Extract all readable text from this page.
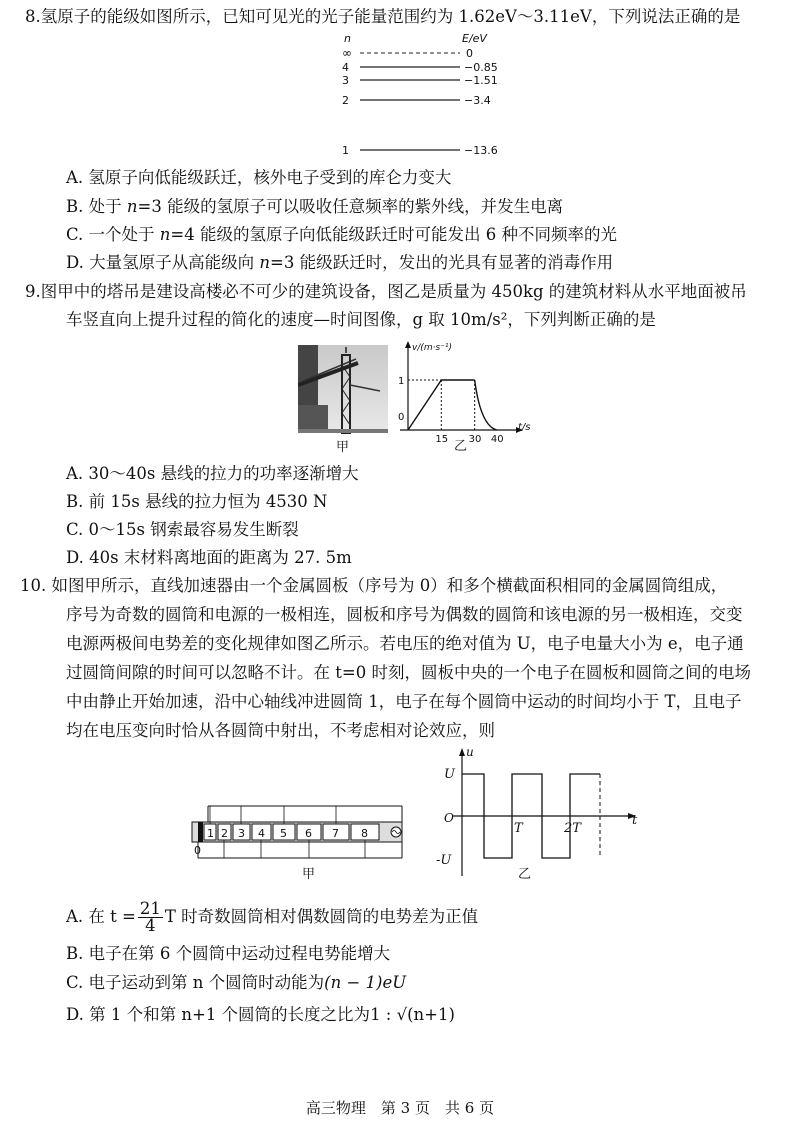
8.氢原子的能级如图所示，已知可见光的光子能量范围约为 1.62eV～3.11eV，下列说法正确的是
n	E/eV
∞	0
4	−0.85
3	−1.51
2	−3.4
1	−13.6
A. 氢原子向低能级跃迁，核外电子受到的库仑力变大
B. 处于 n=3 能级的氢原子可以吸收任意频率的紫外线，并发生电离
C. 一个处于 n=4 能级的氢原子向低能级跃迁时可能发出 6 种不同频率的光
D. 大量氢原子从高能级向 n=3 能级跃迁时，发出的光具有显著的消毒作用
9.图甲中的塔吊是建设高楼必不可少的建筑设备，图乙是质量为 450kg 的建筑材料从水平地面被吊
车竖直向上提升过程的简化的速度—时间图像，g 取 10m/s²，下列判断正确的是
甲
v/(m·s⁻¹)
t/s
0
15 30 40
1
乙
A. 30～40s 悬线的拉力的功率逐渐增大
B. 前 15s 悬线的拉力恒为 4530 N
C. 0～15s 钢索最容易发生断裂
D. 40s 末材料离地面的距离为 27. 5m
10. 如图甲所示，直线加速器由一个金属圆板（序号为 0）和多个横截面积相同的金属圆筒组成，
序号为奇数的圆筒和电源的一极相连，圆板和序号为偶数的圆筒和该电源的另一极相连，交变
电源两极间电势差的变化规律如图乙所示。若电压的绝对值为 U，电子电量大小为 e，电子通
过圆筒间隙的时间可以忽略不计。在 t=0 时刻，圆板中央的一个电子在圆板和圆筒之间的电场
中由静止开始加速，沿中心轴线冲进圆筒 1，电子在每个圆筒中运动的时间均小于 T，且电子
均在电压变向时恰从各圆筒中射出，不考虑相对论效应，则
0
1 2 3 4 5 6 7 8
甲
u
t
O
U
-U
T	2T
乙
A. 在 $t = \frac{21}{4}$ T 时奇数圆筒相对偶数圆筒的电势差为正值
B. 电子在第 6 个圆筒中运动过程电势能增大
C. 电子运动到第 n 个圆筒时动能为(n − 1)eU
D. 第 1 个和第 n+1 个圆筒的长度之比为1 : √(n+1)
高三物理　第 3 页　共 6 页
